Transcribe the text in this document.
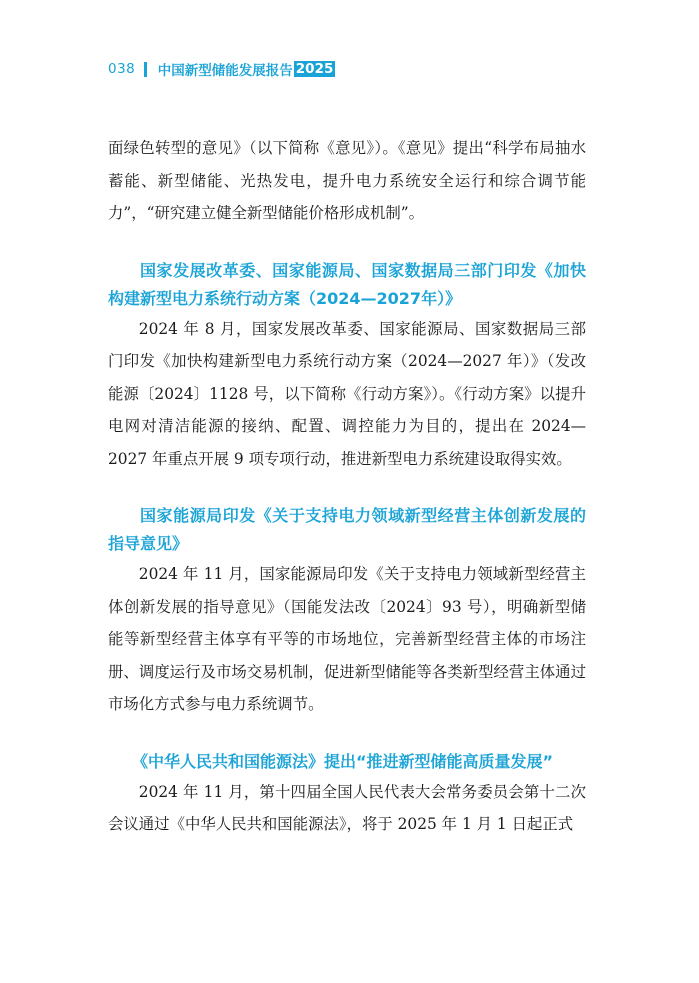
038 中国新型储能发展报告 2025

面绿色转型的意见》（以下简称《意见》）。《意见》提出“科学布局抽水蓄能、新型储能、光热发电，提升电力系统安全运行和综合调节能力”，“研究建立健全新型储能价格形成机制”。

国家发展改革委、国家能源局、国家数据局三部门印发《加快构建新型电力系统行动方案（2024—2027年）》

2024 年 8 月，国家发展改革委、国家能源局、国家数据局三部门印发《加快构建新型电力系统行动方案（2024—2027 年）》（发改能源〔2024〕1128 号，以下简称《行动方案》）。《行动方案》以提升电网对清洁能源的接纳、配置、调控能力为目的，提出在 2024—2027 年重点开展 9 项专项行动，推进新型电力系统建设取得实效。

国家能源局印发《关于支持电力领域新型经营主体创新发展的指导意见》

2024 年 11 月，国家能源局印发《关于支持电力领域新型经营主体创新发展的指导意见》（国能发法改〔2024〕93 号），明确新型储能等新型经营主体享有平等的市场地位，完善新型经营主体的市场注册、调度运行及市场交易机制，促进新型储能等各类新型经营主体通过市场化方式参与电力系统调节。

《中华人民共和国能源法》提出“推进新型储能高质量发展”

2024 年 11 月，第十四届全国人民代表大会常务委员会第十二次会议通过《中华人民共和国能源法》，将于 2025 年 1 月 1 日起正式
